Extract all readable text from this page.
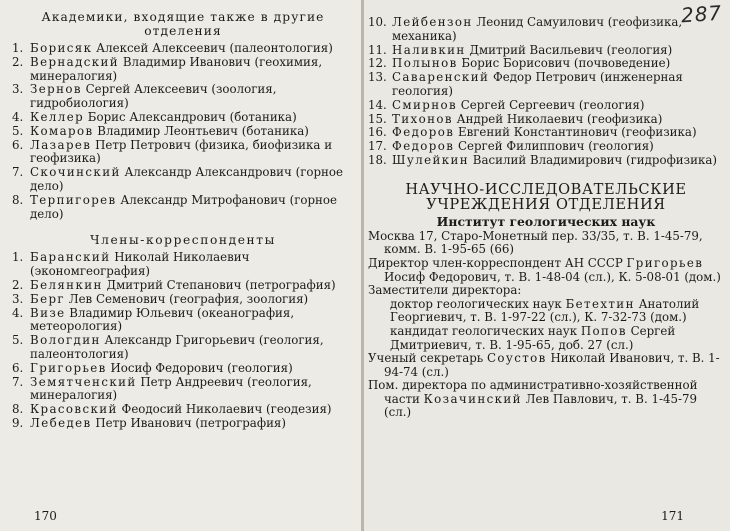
Академики, входящие также в другие
отделения

1. Борисяк Алексей Алексеевич (палеонтология)
2. Вернадский Владимир Иванович (геохимия, минералогия)
3. Зернов Сергей Алексеевич (зоология, гидробиология)
4. Келлер Борис Александрович (ботаника)
5. Комаров Владимир Леонтьевич (ботаника)
6. Лазарев Петр Петрович (физика, биофизика и геофизика)
7. Скочинский Александр Александрович (горное дело)
8. Терпигорев Александр Митрофанович (горное дело)

Члены-корреспонденты

1. Баранский Николай Николаевич (экономгеография)
2. Белянкин Дмитрий Степанович (петрография)
3. Берг Лев Семенович (география, зоология)
4. Визе Владимир Юльевич (океанография, метеорология)
5. Вологдин Александр Григорьевич (геология, палеонтология)
6. Григорьев Иосиф Федорович (геология)
7. Земятченский Петр Андреевич (геология, минералогия)
8. Красовский Феодосий Николаевич (геодезия)
9. Лебедев Петр Иванович (петрография)
170
287
10. Лейбензон Леонид Самуилович (геофизика, механика)
11. Наливкин Дмитрий Васильевич (геология)
12. Полынов Борис Борисович (почвоведение)
13. Саваренский Федор Петрович (инженерная геология)
14. Смирнов Сергей Сергеевич (геология)
15. Тихонов Андрей Николаевич (геофизика)
16. Федоров Евгений Константинович (геофизика)
17. Федоров Сергей Филиппович (геология)
18. Шулейкин Василий Владимирович (гидрофизика)

НАУЧНО-ИССЛЕДОВАТЕЛЬСКИЕ

УЧРЕЖДЕНИЯ ОТДЕЛЕНИЯ

Институт геологических наук

Москва 17, Старо-Монетный пер. 33/35, т. В. 1-45-79, комм. В. 1-95-65 (66)

Директор член-корреспондент АН СССР Григорьев Иосиф Федорович, т. В. 1-48-04 (сл.), К. 5-08-01 (дом.)

Заместители директора:

доктор геологических наук Бетехтин Анатолий Георгиевич, т. В. 1-97-22 (сл.), К. 7-32-73 (дом.)

кандидат геологических наук Попов Сергей Дмитриевич, т. В. 1-95-65, доб. 27 (сл.)

Ученый секретарь Соустов Николай Иванович, т. В. 1-94-74 (сл.)

Пом. директора по административно-хозяйственной части Козачинский Лев Павлович, т. В. 1-45-79 (сл.)

171
